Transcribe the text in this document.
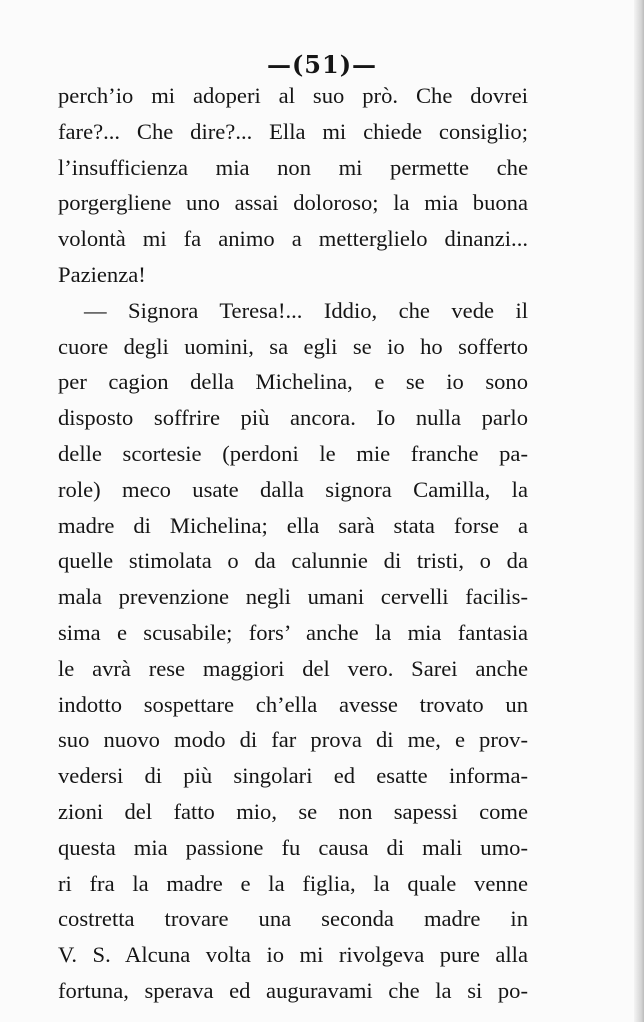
—(51)—
perch’io mi adoperi al suo prò. Che dovrei
fare?... Che dire?... Ella mi chiede consiglio;
l’insufficienza mia non mi permette che
porgergliene uno assai doloroso; la mia buona
volontà mi fa animo a metterglielo dinanzi...
Pazienza!
— Signora Teresa!... Iddio, che vede il
cuore degli uomini, sa egli se io ho sofferto
per cagion della Michelina, e se io sono
disposto soffrire più ancora. Io nulla parlo
delle scortesie (perdoni le mie franche pa-
role) meco usate dalla signora Camilla, la
madre di Michelina; ella sarà stata forse a
quelle stimolata o da calunnie di tristi, o da
mala prevenzione negli umani cervelli facilis-
sima e scusabile; fors’ anche la mia fantasia
le avrà rese maggiori del vero. Sarei anche
indotto sospettare ch’ella avesse trovato un
suo nuovo modo di far prova di me, e prov-
vedersi di più singolari ed esatte informa-
zioni del fatto mio, se non sapessi come
questa mia passione fu causa di mali umo-
ri fra la madre e la figlia, la quale venne
costretta trovare una seconda madre in
V. S. Alcuna volta io mi rivolgeva pure alla
fortuna, sperava ed auguravami che la si po-
